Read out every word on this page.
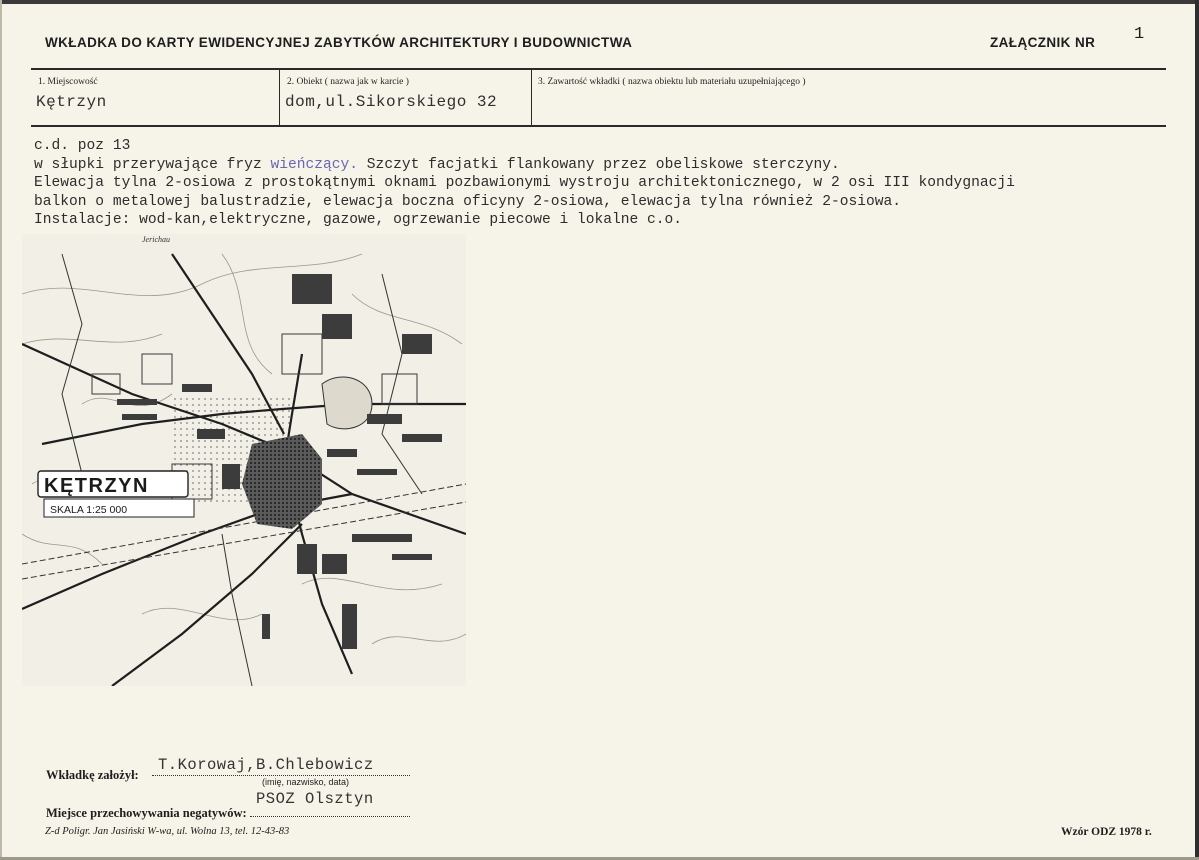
WKŁADKA DO KARTY EWIDENCYJNEJ ZABYTKÓW ARCHITEKTURY I BUDOWNICTWA	ZAŁĄCZNIK NR 1
1. Miejscowość
Kętrzyn
2. Obiekt ( nazwa jak w karcie )
dom,ul.Sikorskiego 32
3. Zawartość wkładki ( nazwa obiektu lub materiału uzupełniającego )
c.d. poz 13
w słupki przerywające fryz wieńczący. Szczyt facjatki flankowany przez obeliskowe sterczyny.
Elewacja tylna 2-osiowa z prostokątnymi oknami pozbawionymi wystroju architektonicznego, w 2 osi III kondygnacji
balkon o metalowej balustradzie, elewacja boczna oficyny 2-osiowa, elewacja tylna również 2-osiowa.
Instalacje: wod-kan,elektryczne, gazowe, ogrzewanie piecowe i lokalne c.o.
KĘTRZYN
SKALA 1:25 000
Jerichau
Wkładkę założył:
T.Korowaj,B.Chlebowicz
(imię, nazwisko, data)
Miejsce przechowywania negatywów:
PSOZ Olsztyn
Z-d Poligr. Jan Jasiński W-wa, ul. Wolna 13, tel. 12-43-83	Wzór ODZ 1978 r.
